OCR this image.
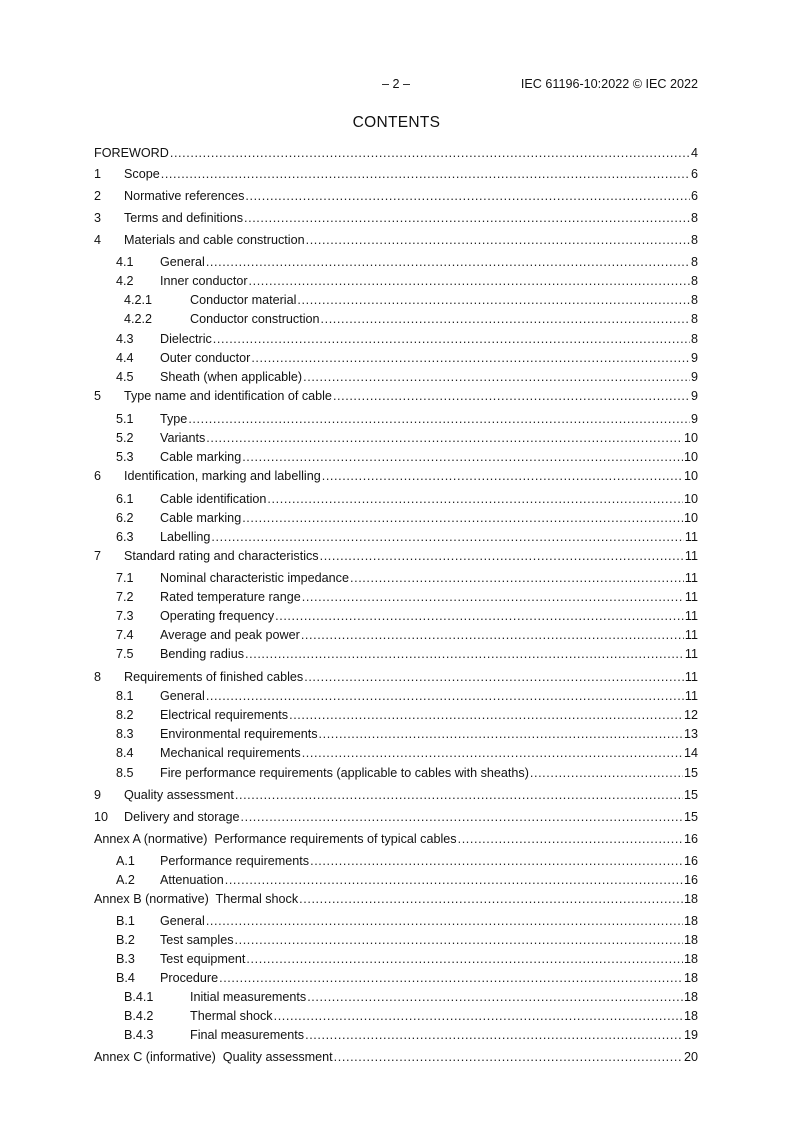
– 2 –	IEC 61196-10:2022 © IEC 2022
CONTENTS
FOREWORD .....	4
1	Scope .....	6
2	Normative references .....	6
3	Terms and definitions .....	8
4	Materials and cable construction .....	8
4.1	General .....	8
4.2	Inner conductor .....	8
4.2.1	Conductor material .....	8
4.2.2	Conductor construction .....	8
4.3	Dielectric .....	8
4.4	Outer conductor .....	9
4.5	Sheath (when applicable) .....	9
5	Type name and identification of cable .....	9
5.1	Type .....	9
5.2	Variants .....	10
5.3	Cable marking .....	10
6	Identification, marking and labelling .....	10
6.1	Cable identification .....	10
6.2	Cable marking .....	10
6.3	Labelling .....	11
7	Standard rating and characteristics .....	11
7.1	Nominal characteristic impedance .....	11
7.2	Rated temperature range .....	11
7.3	Operating frequency .....	11
7.4	Average and peak power .....	11
7.5	Bending radius .....	11
8	Requirements of finished cables .....	11
8.1	General .....	11
8.2	Electrical requirements .....	12
8.3	Environmental requirements .....	13
8.4	Mechanical requirements .....	14
8.5	Fire performance requirements (applicable to cables with sheaths) .....	15
9	Quality assessment .....	15
10	Delivery and storage .....	15
Annex A (normative)  Performance requirements of typical cables .....	16
A.1	Performance requirements .....	16
A.2	Attenuation .....	16
Annex B (normative)  Thermal shock .....	18
B.1	General .....	18
B.2	Test samples .....	18
B.3	Test equipment .....	18
B.4	Procedure .....	18
B.4.1	Initial measurements .....	18
B.4.2	Thermal shock .....	18
B.4.3	Final measurements .....	19
Annex C (informative)  Quality assessment .....	20
